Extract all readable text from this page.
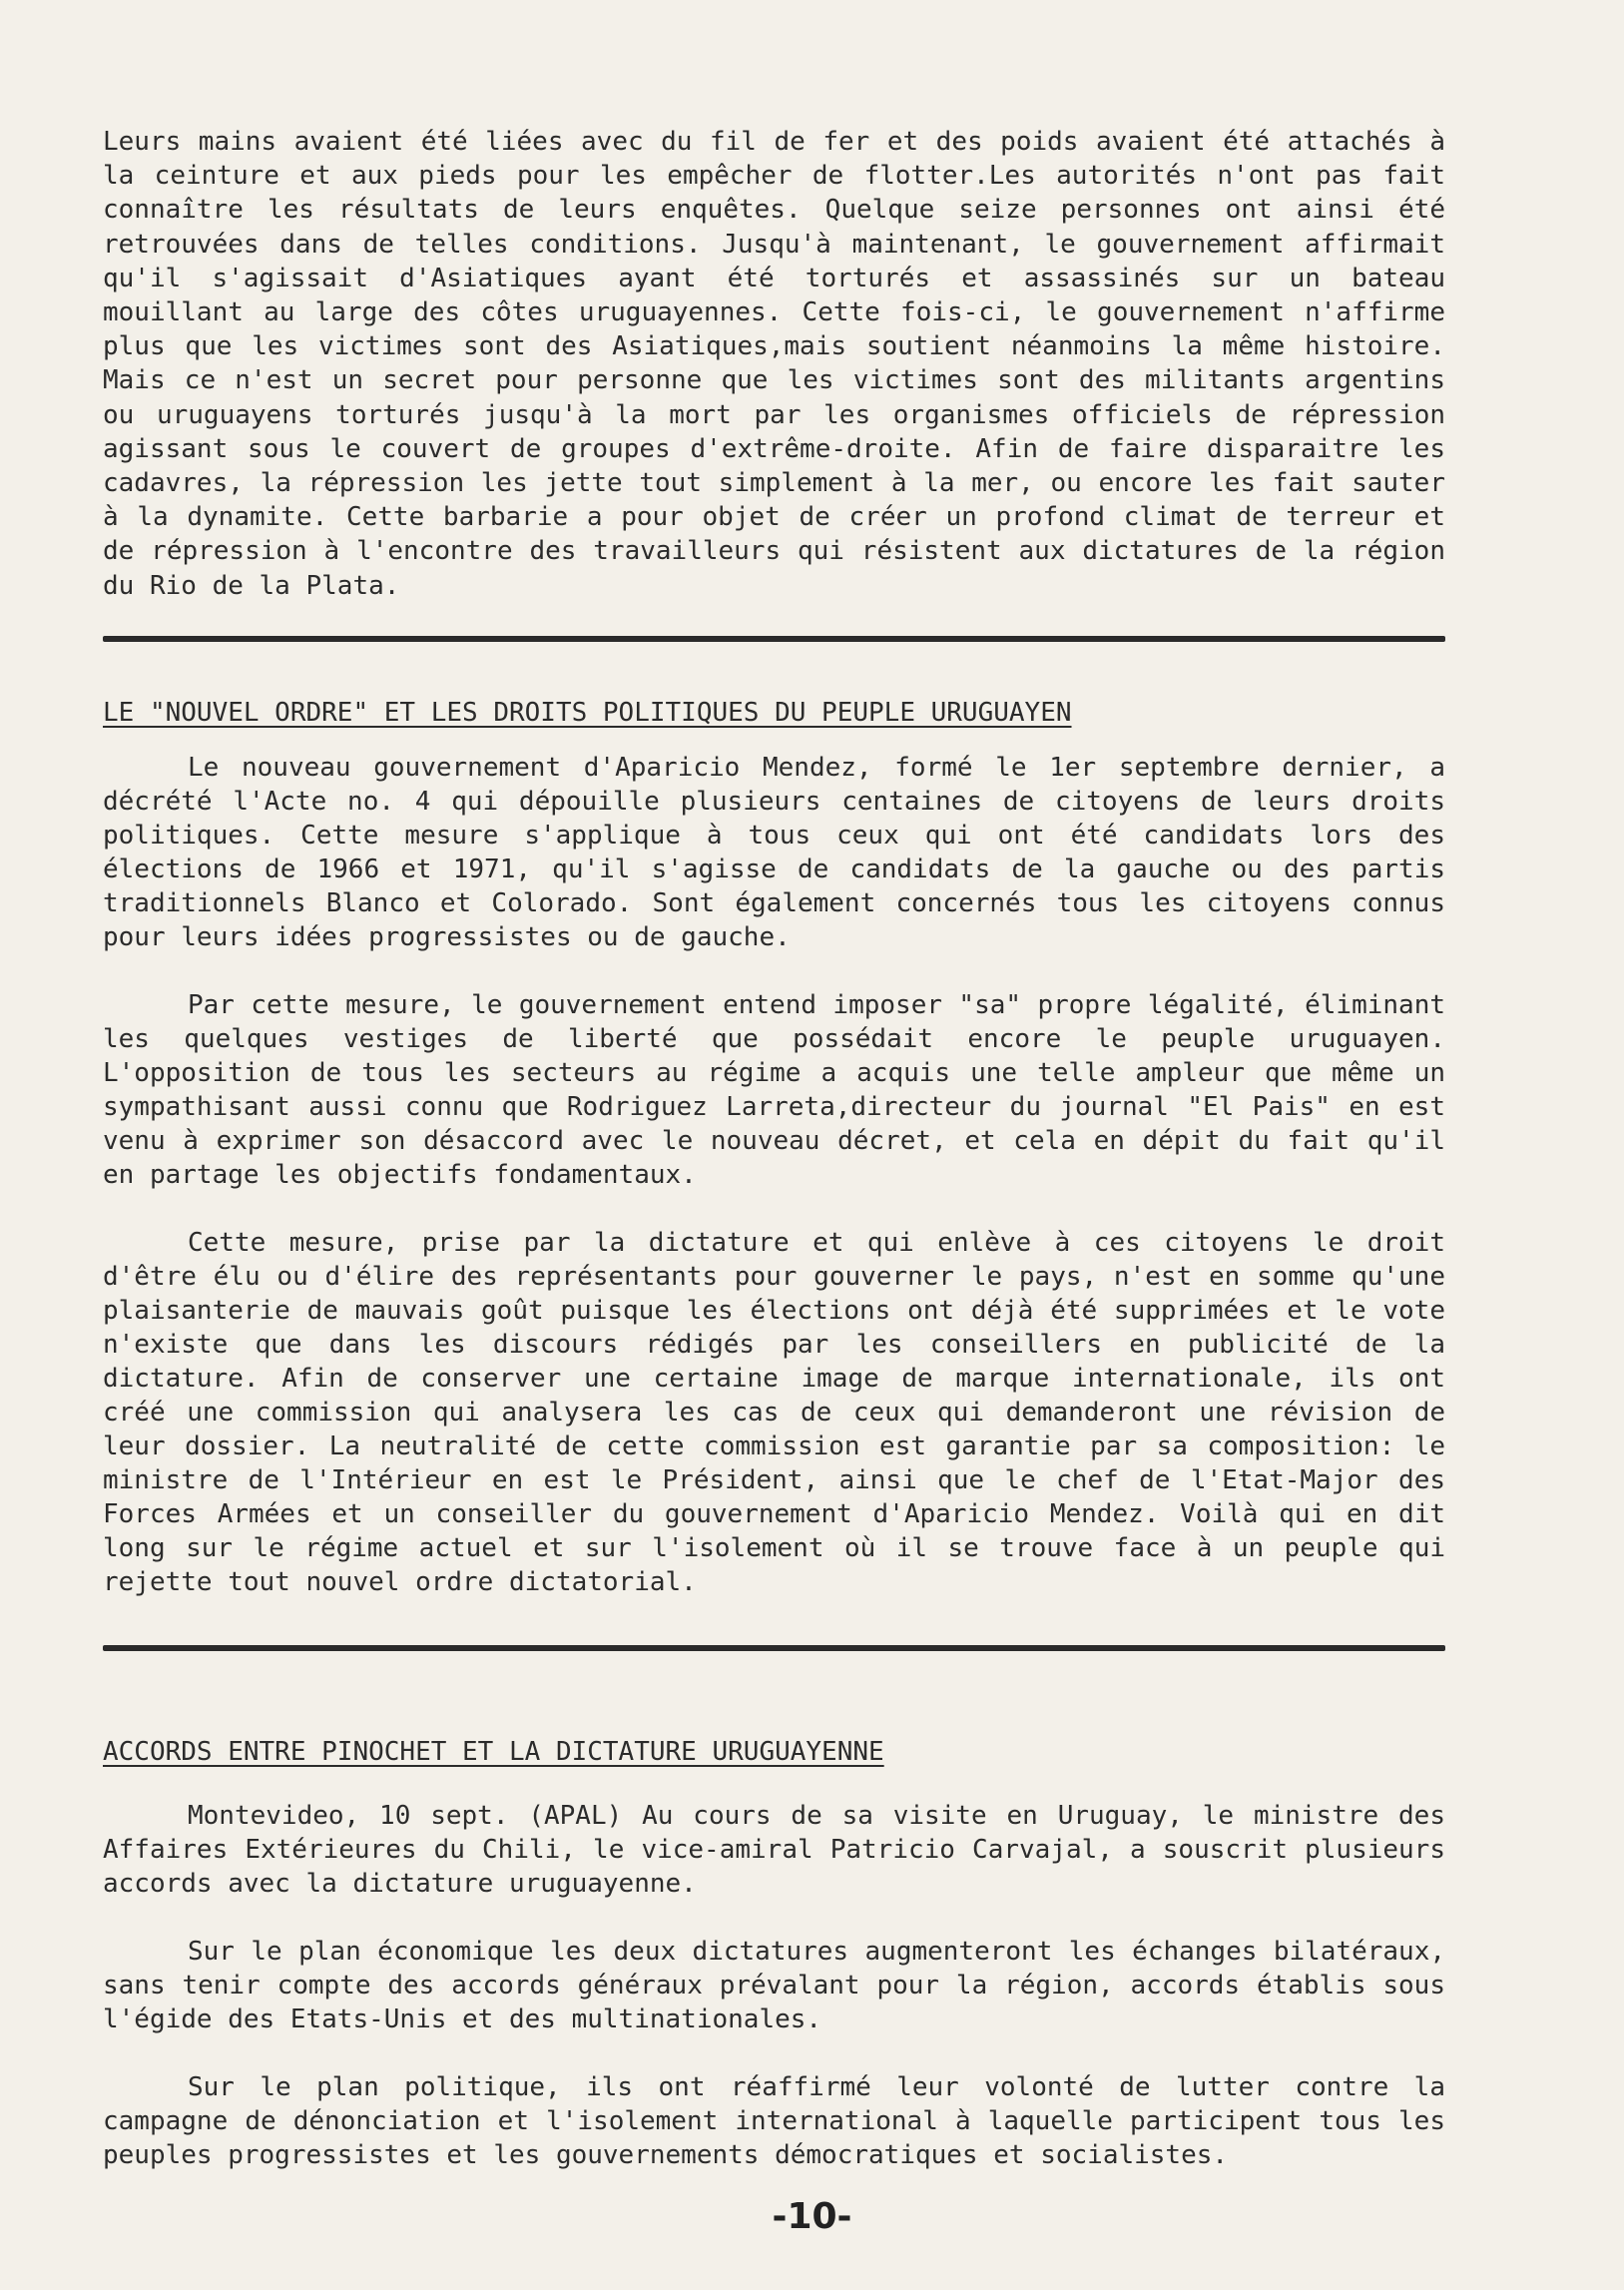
Leurs mains avaient été liées avec du fil de fer et des poids avaient été attachés à la ceinture et aux pieds pour les empêcher de flotter.Les autorités n'ont pas fait connaître les résultats de leurs enquêtes. Quelque seize personnes ont ainsi été retrouvées dans de telles conditions. Jusqu'à maintenant, le gouvernement affirmait qu'il s'agissait d'Asiatiques ayant été torturés et assassinés sur un bateau mouillant au large des côtes uruguayennes. Cette fois-ci, le gouvernement n'affirme plus que les victimes sont des Asiatiques,mais soutient néanmoins la même histoire. Mais ce n'est un secret pour personne que les victimes sont des militants argentins ou uruguayens torturés jusqu'à la mort par les organismes officiels de répression agissant sous le couvert de groupes d'extrême-droite. Afin de faire disparaitre les cadavres, la répression les jette tout simplement à la mer, ou encore les fait sauter à la dynamite. Cette barbarie a pour objet de créer un profond climat de terreur et de répression à l'encontre des travailleurs qui résistent aux dictatures de la région du Rio de la Plata.

LE "NOUVEL ORDRE" ET LES DROITS POLITIQUES DU PEUPLE URUGUAYEN

Le nouveau gouvernement d'Aparicio Mendez, formé le 1er septembre dernier, a décrété l'Acte no. 4 qui dépouille plusieurs centaines de citoyens de leurs droits politiques. Cette mesure s'applique à tous ceux qui ont été candidats lors des élections de 1966 et 1971, qu'il s'agisse de candidats de la gauche ou des partis traditionnels Blanco et Colorado. Sont également concernés tous les citoyens connus pour leurs idées progressistes ou de gauche.

Par cette mesure, le gouvernement entend imposer "sa" propre légalité, éliminant les quelques vestiges de liberté que possédait encore le peuple uruguayen. L'opposition de tous les secteurs au régime a acquis une telle ampleur que même un sympathisant aussi connu que Rodriguez Larreta,directeur du journal "El Pais" en est venu à exprimer son désaccord avec le nouveau décret, et cela en dépit du fait qu'il en partage les objectifs fondamentaux.

Cette mesure, prise par la dictature et qui enlève à ces citoyens le droit d'être élu ou d'élire des représentants pour gouverner le pays, n'est en somme qu'une plaisanterie de mauvais goût puisque les élections ont déjà été supprimées et le vote n'existe que dans les discours rédigés par les conseillers en publicité de la dictature. Afin de conserver une certaine image de marque internationale, ils ont créé une commission qui analysera les cas de ceux qui demanderont une révision de leur dossier. La neutralité de cette commission est garantie par sa composition: le ministre de l'Intérieur en est le Président, ainsi que le chef de l'Etat-Major des Forces Armées et un conseiller du gouvernement d'Aparicio Mendez. Voilà qui en dit long sur le régime actuel et sur l'isolement où il se trouve face à un peuple qui rejette tout nouvel ordre dictatorial.

ACCORDS ENTRE PINOCHET ET LA DICTATURE URUGUAYENNE

Montevideo, 10 sept. (APAL) Au cours de sa visite en Uruguay, le ministre des Affaires Extérieures du Chili, le vice-amiral Patricio Carvajal, a souscrit plusieurs accords avec la dictature uruguayenne.

Sur le plan économique les deux dictatures augmenteront les échanges bilatéraux, sans tenir compte des accords généraux prévalant pour la région, accords établis sous l'égide des Etats-Unis et des multinationales.

Sur le plan politique, ils ont réaffirmé leur volonté de lutter contre la campagne de dénonciation et l'isolement international à laquelle participent tous les peuples progressistes et les gouvernements démocratiques et socialistes.

-10-
